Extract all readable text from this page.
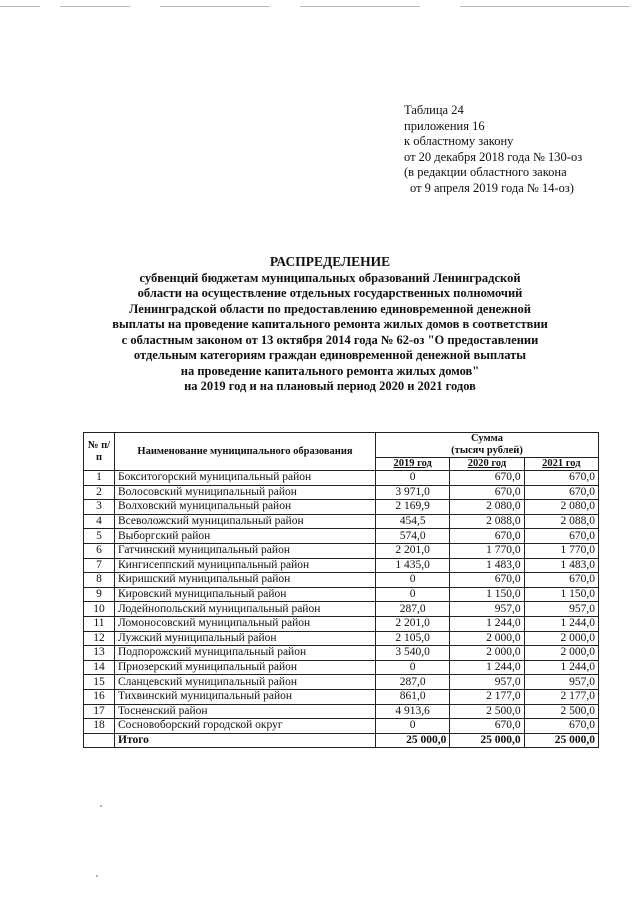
Таблица 24
приложения 16
к областному закону
от 20 декабря 2018 года № 130-оз
(в редакции областного закона
от 9 апреля 2019 года № 14-оз)
РАСПРЕДЕЛЕНИЕ
субвенций бюджетам муниципальных образований Ленинградской
области на осуществление отдельных государственных полномочий
Ленинградской области по предоставлению единовременной денежной
выплаты на проведение капитального ремонта жилых домов в соответствии
с областным законом от 13 октября 2014 года № 62-оз "О предоставлении
отдельным категориям граждан единовременной денежной выплаты
на проведение капитального ремонта жилых домов"
на 2019 год и на плановый период 2020 и 2021 годов
№ п/п	Наименование муниципального образования	Сумма
(тысяч рублей)		

		2019 год	2020 год	2021 год
1	Бокситогорский муниципальный район	0	670,0	670,0
2	Волосовский муниципальный район	3 971,0	670,0	670,0
3	Волховский муниципальный район	2 169,9	2 080,0	2 080,0
4	Всеволожский муниципальный район	454,5	2 088,0	2 088,0
5	Выборгский район	574,0	670,0	670,0
6	Гатчинский муниципальный район	2 201,0	1 770,0	1 770,0
7	Кингисеппский муниципальный район	1 435,0	1 483,0	1 483,0
8	Киришский муниципальный район	0	670,0	670,0
9	Кировский муниципальный район	0	1 150,0	1 150,0
10	Лодейнопольский муниципальный район	287,0	957,0	957,0
11	Ломоносовский муниципальный район	2 201,0	1 244,0	1 244,0
12	Лужский муниципальный район	2 105,0	2 000,0	2 000,0
13	Подпорожский муниципальный район	3 540,0	2 000,0	2 000,0
14	Приозерский муниципальный район	0	1 244,0	1 244,0
15	Сланцевский муниципальный район	287,0	957,0	957,0
16	Тихвинский муниципальный район	861,0	2 177,0	2 177,0
17	Тосненский район	4 913,6	2 500,0	2 500,0
18	Сосновоборский городской округ	0	670,0	670,0
	Итого	25 000,0	25 000,0	25 000,0
